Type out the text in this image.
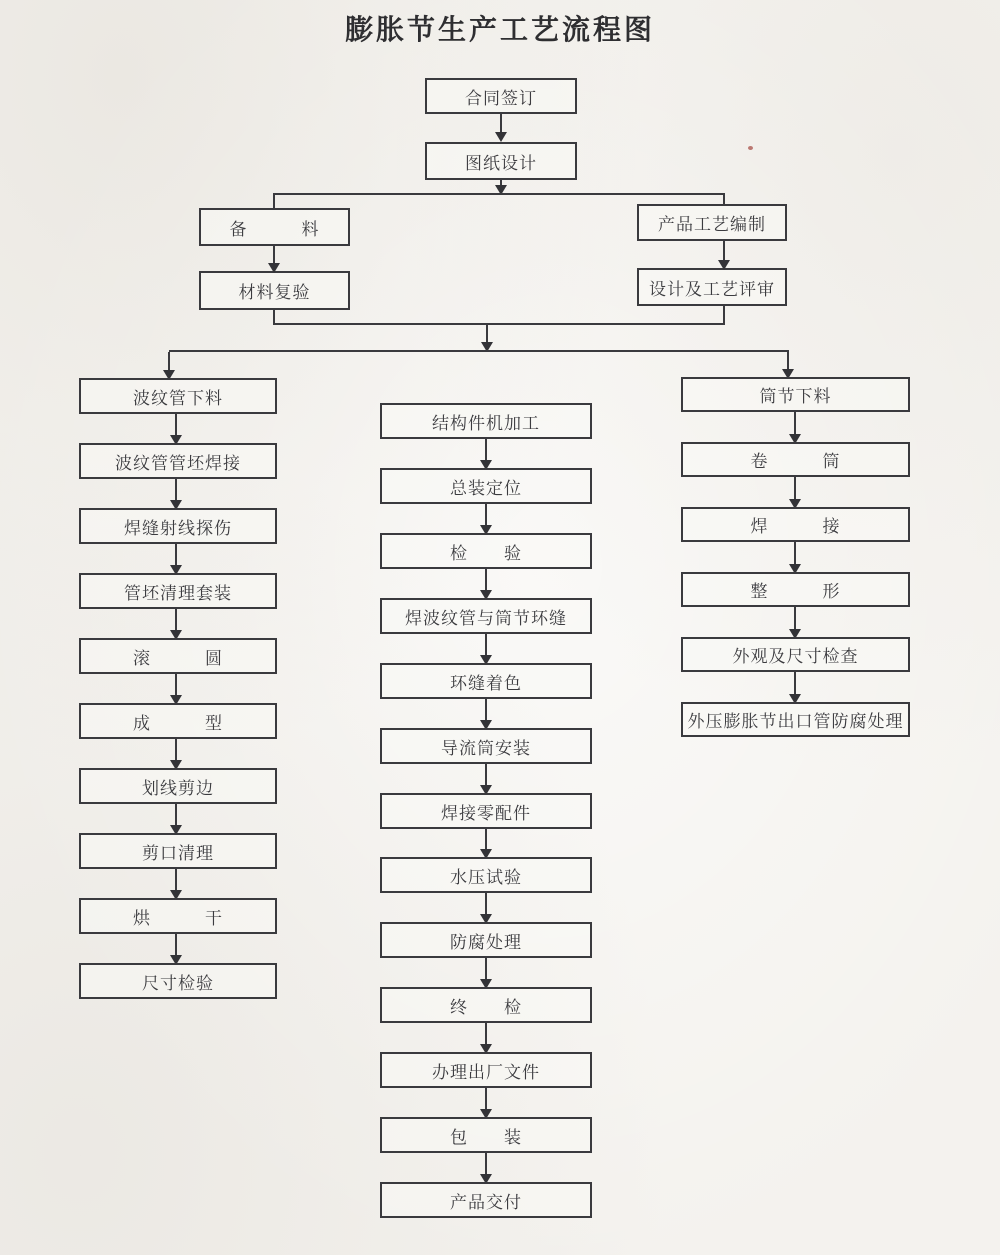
膨胀节生产工艺流程图
合同签订
图纸设计
备　　　料
材料复验
产品工艺编制
设计及工艺评审
波纹管下料
波纹管管坯焊接
焊缝射线探伤
管坯清理套装
滚　　　圆
成　　　型
划线剪边
剪口清理
烘　　　干
尺寸检验
结构件机加工
总装定位
检　　验
焊波纹管与筒节环缝
环缝着色
导流筒安装
焊接零配件
水压试验
防腐处理
终　　检
办理出厂文件
包　　装
产品交付
筒节下料
卷　　　筒
焊　　　接
整　　　形
外观及尺寸检查
外压膨胀节出口管防腐处理
